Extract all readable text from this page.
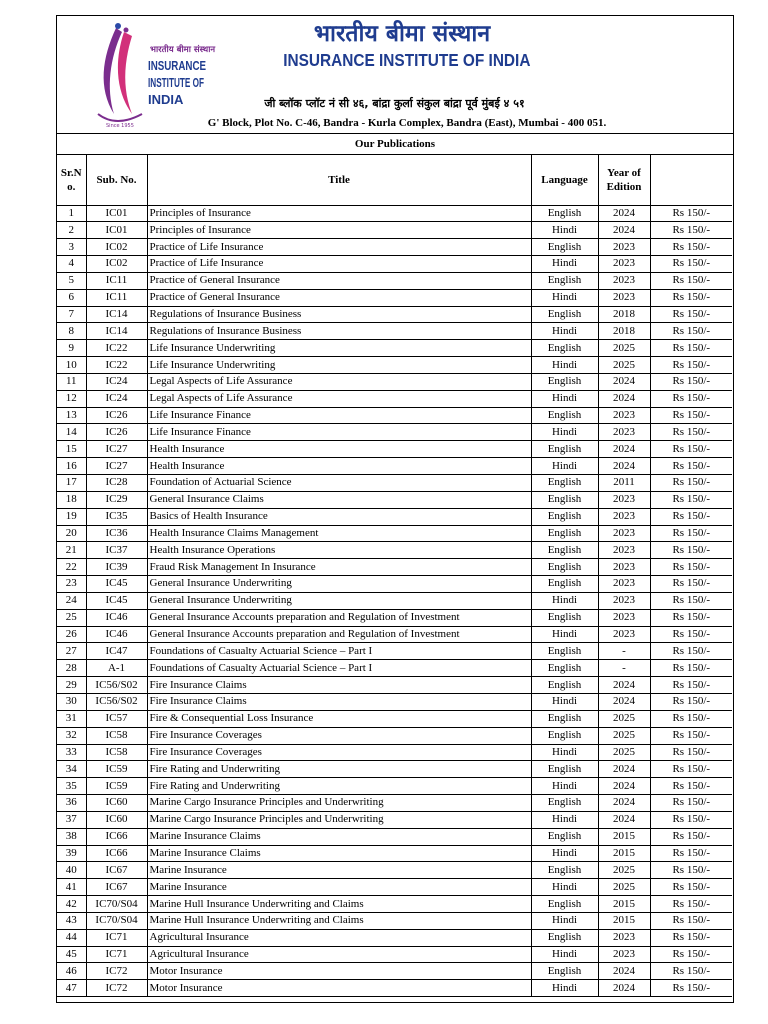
भारतीय बीमा संस्थान
INSURANCE
INSTITUTE OF
INDIA
Since 1955
भारतीय बीमा संस्थान
INSURANCE INSTITUTE OF INDIA
जी ब्लॉक प्लॉट नं सी ४६, बांद्रा कुर्ला संकुल बांद्रा पूर्व मुंबई ४ ५१
G' Block, Plot No. C-46, Bandra - Kurla Complex, Bandra (East), Mumbai - 400 051.
Our Publications
Sr.N
o.	Sub. No.	Title	Language	Year of
Edition	
1	IC01	Principles of Insurance	English	2024	Rs 150/-
2	IC01	Principles of Insurance	Hindi	2024	Rs 150/-
3	IC02	Practice of Life Insurance	English	2023	Rs 150/-
4	IC02	Practice of Life Insurance	Hindi	2023	Rs 150/-
5	IC11	Practice of General Insurance	English	2023	Rs 150/-
6	IC11	Practice of General Insurance	Hindi	2023	Rs 150/-
7	IC14	Regulations of Insurance Business	English	2018	Rs 150/-
8	IC14	Regulations of Insurance Business	Hindi	2018	Rs 150/-
9	IC22	Life Insurance Underwriting	English	2025	Rs 150/-
10	IC22	Life Insurance Underwriting	Hindi	2025	Rs 150/-
11	IC24	Legal Aspects of Life Assurance	English	2024	Rs 150/-
12	IC24	Legal Aspects of Life Assurance	Hindi	2024	Rs 150/-
13	IC26	Life Insurance Finance	English	2023	Rs 150/-
14	IC26	Life Insurance Finance	Hindi	2023	Rs 150/-
15	IC27	Health Insurance	English	2024	Rs 150/-
16	IC27	Health Insurance	Hindi	2024	Rs 150/-
17	IC28	Foundation of Actuarial Science	English	2011	Rs 150/-
18	IC29	General Insurance Claims	English	2023	Rs 150/-
19	IC35	Basics of Health Insurance	English	2023	Rs 150/-
20	IC36	Health Insurance Claims Management	English	2023	Rs 150/-
21	IC37	Health Insurance Operations	English	2023	Rs 150/-
22	IC39	Fraud Risk Management In Insurance	English	2023	Rs 150/-
23	IC45	General Insurance Underwriting	English	2023	Rs 150/-
24	IC45	General Insurance Underwriting	Hindi	2023	Rs 150/-
25	IC46	General Insurance Accounts preparation and Regulation of Investment	English	2023	Rs 150/-
26	IC46	General Insurance Accounts preparation and Regulation of Investment	Hindi	2023	Rs 150/-
27	IC47	Foundations of Casualty Actuarial Science – Part I	English	-	Rs 150/-
28	A-1	Foundations of Casualty Actuarial Science – Part I	English	-	Rs 150/-
29	IC56/S02	Fire Insurance Claims	English	2024	Rs 150/-
30	IC56/S02	Fire Insurance Claims	Hindi	2024	Rs 150/-
31	IC57	Fire & Consequential Loss Insurance	English	2025	Rs 150/-
32	IC58	Fire Insurance Coverages	English	2025	Rs 150/-
33	IC58	Fire Insurance Coverages	Hindi	2025	Rs 150/-
34	IC59	Fire Rating and Underwriting	English	2024	Rs 150/-
35	IC59	Fire Rating and Underwriting	Hindi	2024	Rs 150/-
36	IC60	Marine Cargo Insurance Principles and Underwriting	English	2024	Rs 150/-
37	IC60	Marine Cargo Insurance Principles and Underwriting	Hindi	2024	Rs 150/-
38	IC66	Marine Insurance Claims	English	2015	Rs 150/-
39	IC66	Marine Insurance Claims	Hindi	2015	Rs 150/-
40	IC67	Marine Insurance	English	2025	Rs 150/-
41	IC67	Marine Insurance	Hindi	2025	Rs 150/-
42	IC70/S04	Marine Hull Insurance Underwriting and Claims	English	2015	Rs 150/-
43	IC70/S04	Marine Hull Insurance Underwriting and Claims	Hindi	2015	Rs 150/-
44	IC71	Agricultural Insurance	English	2023	Rs 150/-
45	IC71	Agricultural Insurance	Hindi	2023	Rs 150/-
46	IC72	Motor Insurance	English	2024	Rs 150/-
47	IC72	Motor Insurance	Hindi	2024	Rs 150/-
